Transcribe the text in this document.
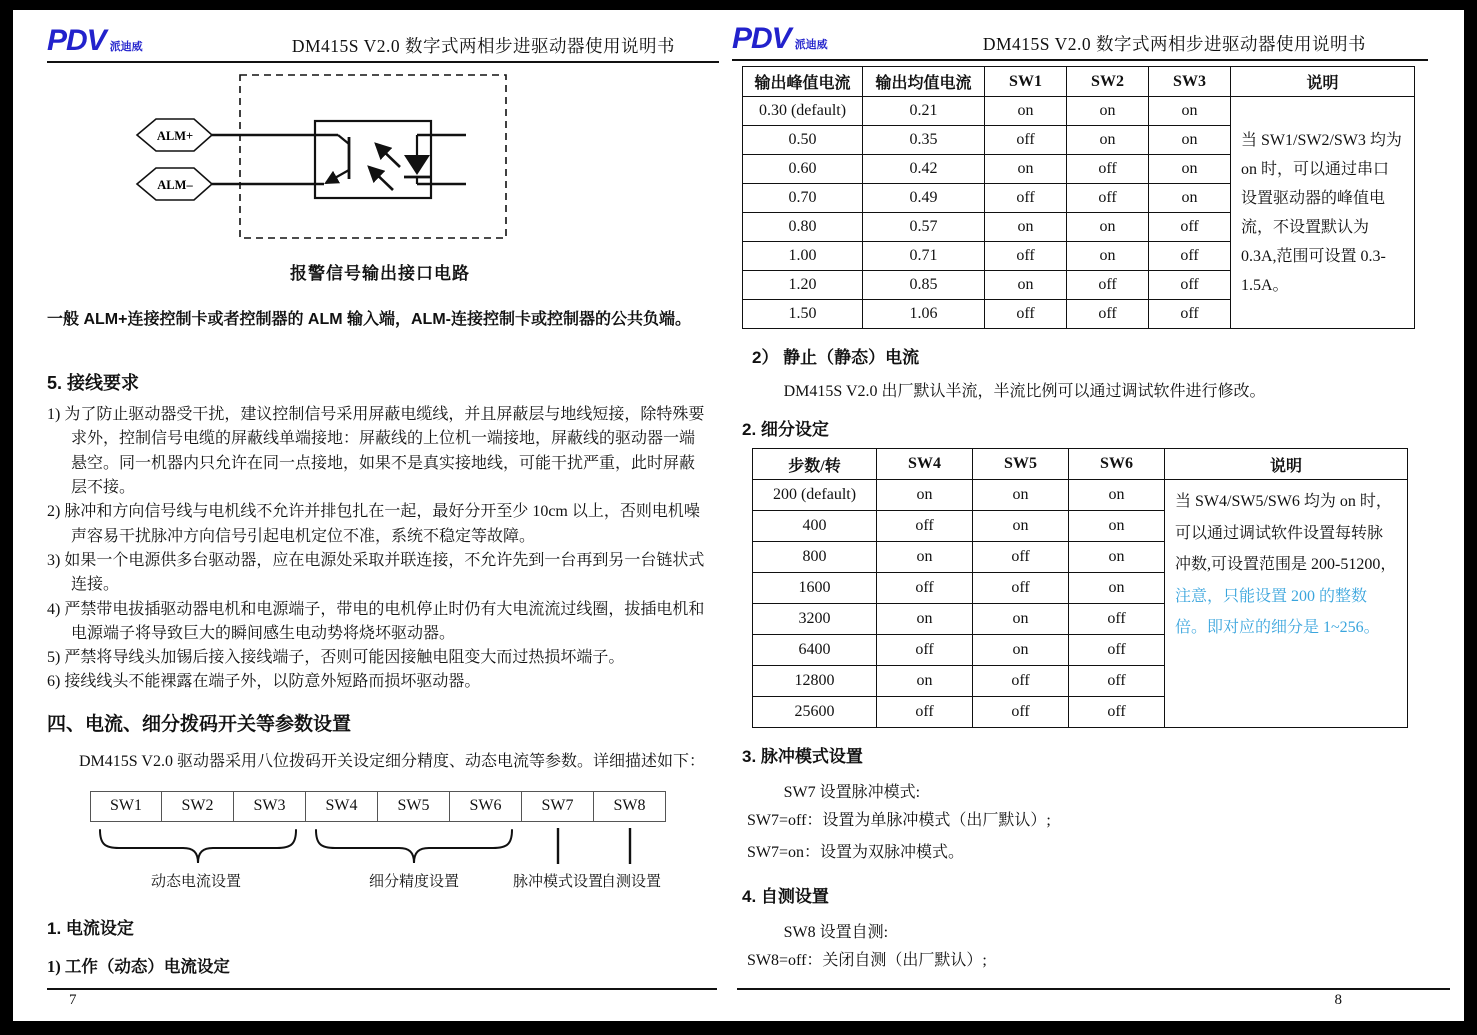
PDV 派迪威	DM415S V2.0 数字式两相步进驱动器使用说明书
ALM+
ALM–
报警信号输出接口电路

一般 ALM+连接控制卡或者控制器的 ALM 输入端，ALM-连接控制卡或控制器的公共负端。

5. 接线要求
1) 为了防止驱动器受干扰，建议控制信号采用屏蔽电缆线，并且屏蔽层与地线短接，除特殊要求外，控制信号电缆的屏蔽线单端接地：屏蔽线的上位机一端接地，屏蔽线的驱动器一端悬空。同一机器内只允许在同一点接地，如果不是真实接地线，可能干扰严重，此时屏蔽层不接。
2) 脉冲和方向信号线与电机线不允许并排包扎在一起，最好分开至少 10cm 以上，否则电机噪声容易干扰脉冲方向信号引起电机定位不准，系统不稳定等故障。
3) 如果一个电源供多台驱动器，应在电源处采取并联连接，不允许先到一台再到另一台链状式连接。
4) 严禁带电拔插驱动器电机和电源端子，带电的电机停止时仍有大电流流过线圈，拔插电机和电源端子将导致巨大的瞬间感生电动势将烧坏驱动器。
5) 严禁将导线头加锡后接入接线端子，否则可能因接触电阻变大而过热损坏端子。
6) 接线线头不能裸露在端子外，以防意外短路而损坏驱动器。
四、电流、细分拨码开关等参数设置

DM415S V2.0 驱动器采用八位拨码开关设定细分精度、动态电流等参数。详细描述如下：

SW1	SW2	SW3	SW4	SW5	SW6	SW7	SW8
动态电流设置	细分精度设置	脉冲模式设置
自测设置
1. 电流设定
1) 工作（动态）电流设定
7
PDV 派迪威	DM415S V2.0 数字式两相步进驱动器使用说明书
输出峰值电流	输出均值电流	SW1	SW2	SW3	说明
0.30 (default)	0.21	on	on	on	当 SW1/SW2/SW3 均为 on 时，可以通过串口设置驱动器的峰值电流，不设置默认为 0.3A,范围可设置 0.3-1.5A。
0.50	0.35	off	on	on	
0.60	0.42	on	off	on	
0.70	0.49	off	off	on	
0.80	0.57	on	on	off	
1.00	0.71	off	on	off	
1.20	0.85	on	off	off	
1.50	1.06	off	off	off	
2） 静止（静态）电流

DM415S V2.0 出厂默认半流，半流比例可以通过调试软件进行修改。

2. 细分设定
步数/转	SW4	SW5	SW6	说明
200 (default)	on	on	on	当 SW4/SW5/SW6 均为 on 时，可以通过调试软件设置每转脉冲数,可设置范围是 200-51200，注意，只能设置 200 的整数倍。即对应的细分是 1~256。
400	off	on	on	
800	on	off	on	
1600	off	off	on	
3200	on	on	off	
6400	off	on	off	
12800	on	off	off	
25600	off	off	off	
3. 脉冲模式设置

SW7 设置脉冲模式:

SW7=off：设置为单脉冲模式（出厂默认）;

SW7=on：设置为双脉冲模式。

4. 自测设置

SW8 设置自测:

SW8=off：关闭自测（出厂默认）;

8
